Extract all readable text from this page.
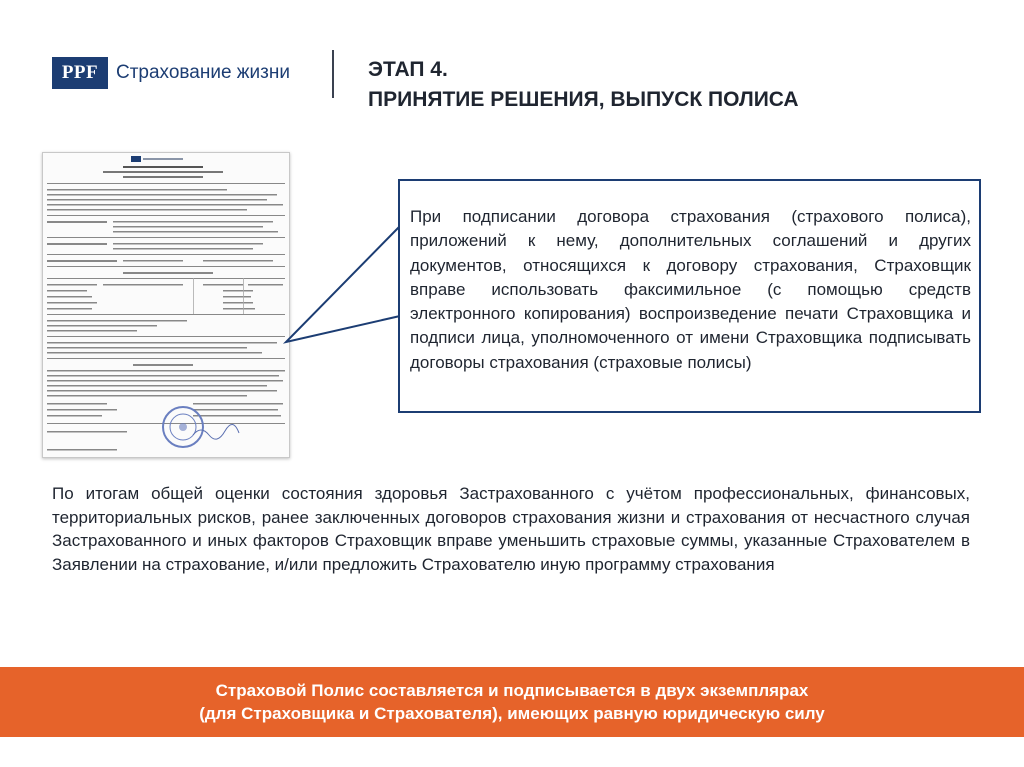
PPF Страхование жизни	ЭТАП 4.
ПРИНЯТИЕ РЕШЕНИЯ, ВЫПУСК ПОЛИСА
При подписании договора страхования (страхового полиса), приложений к нему, дополнительных соглашений и других документов, относящихся к договору страхования, Страховщик вправе использовать факсимильное (с помощью средств электронного копирования) воспроизведение печати Страховщика и подписи лица, уполномоченного от имени Страховщика подписывать договоры страхования (страховые полисы)
По итогам общей оценки состояния здоровья Застрахованного с учётом профессиональных, финансовых, территориальных рисков, ранее заключенных договоров страхования жизни и страхования от несчастного случая Застрахованного и иных факторов Страховщик вправе уменьшить страховые суммы, указанные Страхователем в Заявлении на страхование, и/или предложить Страхователю иную программу страхования
Страховой Полис составляется и подписывается в двух экземплярах
(для Страховщика и Страхователя), имеющих равную юридическую силу
